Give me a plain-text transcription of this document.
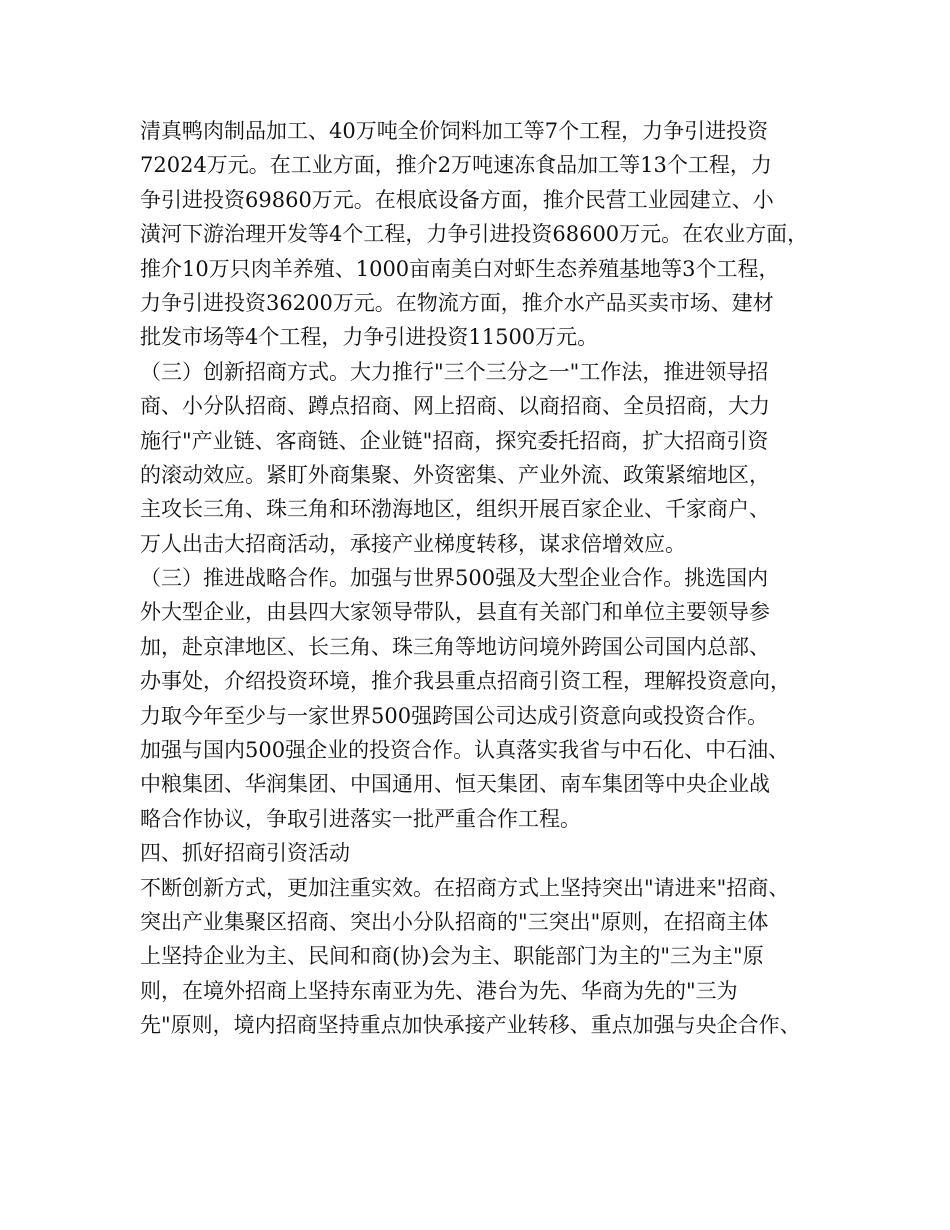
清真鸭肉制品加工、40万吨全价饲料加工等7个工程，力争引进投资
72024万元。在工业方面，推介2万吨速冻食品加工等13个工程，力
争引进投资69860万元。在根底设备方面，推介民营工业园建立、小
潢河下游治理开发等4个工程，力争引进投资68600万元。在农业方面，
推介10万只肉羊养殖、1000亩南美白对虾生态养殖基地等3个工程，
力争引进投资36200万元。在物流方面，推介水产品买卖市场、建材
批发市场等4个工程，力争引进投资11500万元。
（三）创新招商方式。大力推行"三个三分之一"工作法，推进领导招
商、小分队招商、蹲点招商、网上招商、以商招商、全员招商，大力
施行"产业链、客商链、企业链"招商，探究委托招商，扩大招商引资
的滚动效应。紧盯外商集聚、外资密集、产业外流、政策紧缩地区，
主攻长三角、珠三角和环渤海地区，组织开展百家企业、千家商户、
万人出击大招商活动，承接产业梯度转移，谋求倍增效应。
（三）推进战略合作。加强与世界500强及大型企业合作。挑选国内
外大型企业，由县四大家领导带队，县直有关部门和单位主要领导参
加，赴京津地区、长三角、珠三角等地访问境外跨国公司国内总部、
办事处，介绍投资环境，推介我县重点招商引资工程，理解投资意向，
力取今年至少与一家世界500强跨国公司达成引资意向或投资合作。
加强与国内500强企业的投资合作。认真落实我省与中石化、中石油、
中粮集团、华润集团、中国通用、恒天集团、南车集团等中央企业战
略合作协议，争取引进落实一批严重合作工程。
四、抓好招商引资活动
不断创新方式，更加注重实效。在招商方式上坚持突出"请进来"招商、
突出产业集聚区招商、突出小分队招商的"三突出"原则，在招商主体
上坚持企业为主、民间和商(协)会为主、职能部门为主的"三为主"原
则，在境外招商上坚持东南亚为先、港台为先、华商为先的"三为
先"原则，境内招商坚持重点加快承接产业转移、重点加强与央企合作、
